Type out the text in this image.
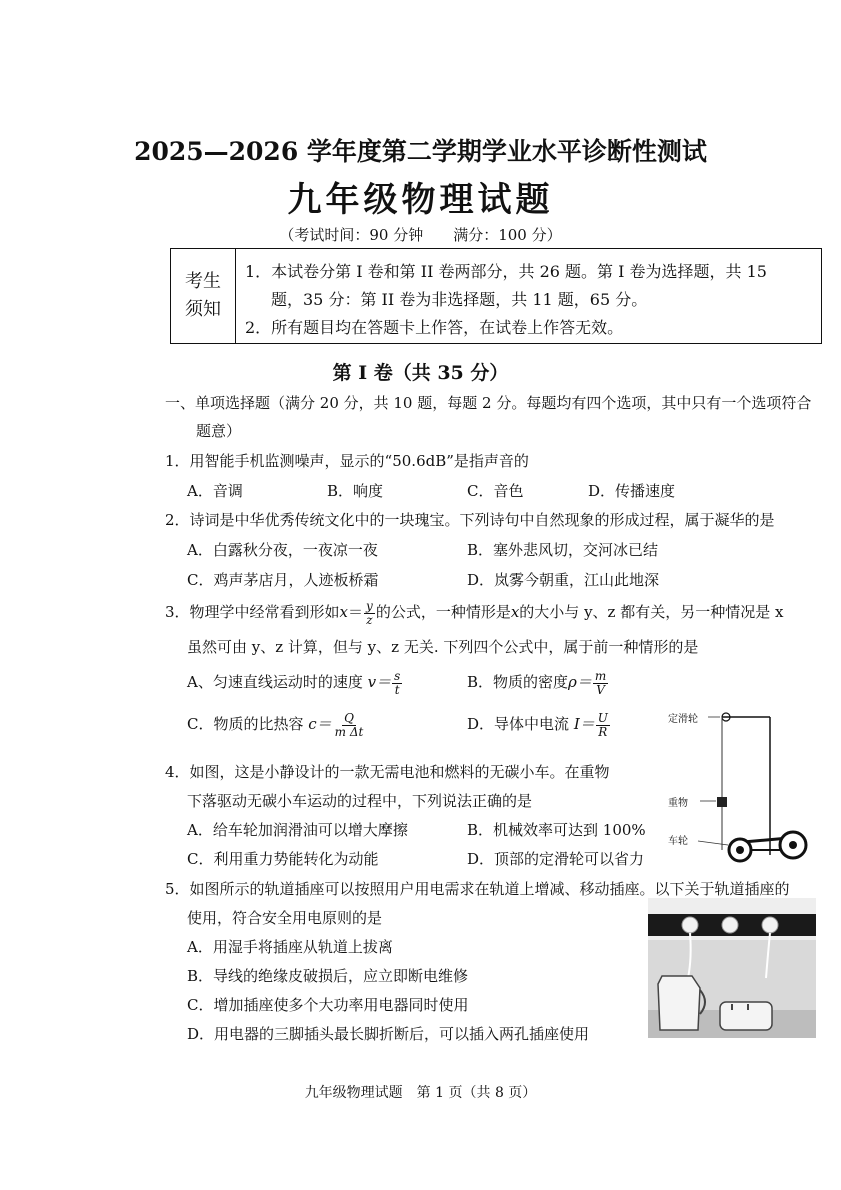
2025—2026 学年度第二学期学业水平诊断性测试
九年级物理试题
（考试时间：90 分钟　　满分：100 分）
考生
须知
1．本试卷分第 I 卷和第 II 卷两部分，共 26 题。第 I 卷为选择题，共 15
题，35 分：第 II 卷为非选择题，共 11 题，65 分。
2．所有题目均在答题卡上作答，在试卷上作答无效。
第 I 卷（共 35 分）
一、单项选择题（满分 20 分，共 10 题，每题 2 分。每题均有四个选项，其中只有一个选项符合
题意）
1．用智能手机监测噪声，显示的“50.6dB”是指声音的
A．音调	B．响度	C．音色	D．传播速度
2．诗词是中华优秀传统文化中的一块瑰宝。下列诗句中自然现象的形成过程，属于凝华的是
A．白露秋分夜，一夜凉一夜	B．塞外悲风切，交河冰已结
C．鸡声茅店月，人迹板桥霜	D．岚雾今朝重，江山此地深
3．物理学中经常看到形如$x= \frac{y}{z}$ 的公式，一种情形是x的大小与 y、z 都有关，另一种情况是 x
虽然可由 y、z 计算，但与 y、z 无关. 下列四个公式中，属于前一种情形的是
A、匀速直线运动时的速度 $v= \frac{s}{t}$	B．物质的密度$\rho= \frac{m}{V}$
C．物质的比热容 $c= \frac{Q}{\text{m Δt}}$	D．导体中电流 $I= \frac{U}{R}$
4．如图，这是小静设计的一款无需电池和燃料的无碳小车。在重物
下落驱动无碳小车运动的过程中，下列说法正确的是
A．给车轮加润滑油可以增大摩擦	B．机械效率可达到 100%
C．利用重力势能转化为动能	D．顶部的定滑轮可以省力
定滑轮
重物
车轮
5．如图所示的轨道插座可以按照用户用电需求在轨道上增减、移动插座。以下关于轨道插座的
使用，符合安全用电原则的是
A．用湿手将插座从轨道上拔离
B．导线的绝缘皮破损后，应立即断电维修
C．增加插座使多个大功率用电器同时使用
D．用电器的三脚插头最长脚折断后，可以插入两孔插座使用
九年级物理试题　第 1 页（共 8 页）
